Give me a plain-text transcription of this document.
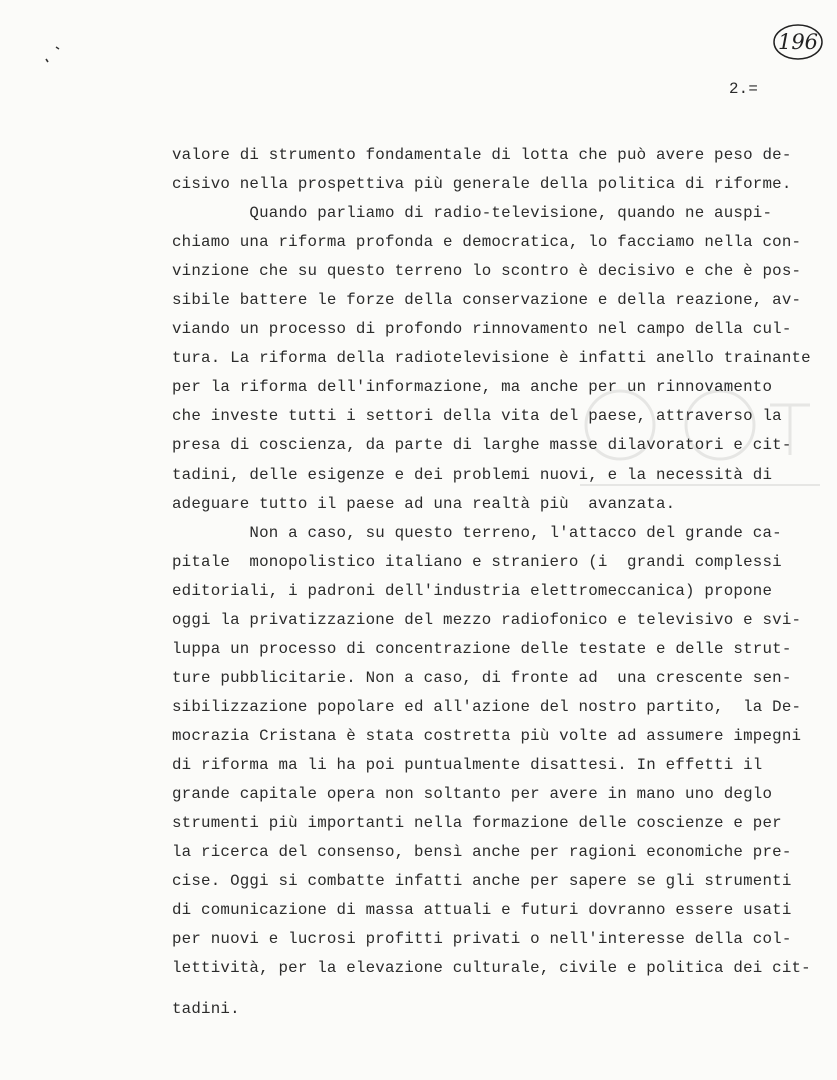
196
2.=
valore di strumento fondamentale di lotta che può avere peso de-
cisivo nella prospettiva più generale della politica di riforme.
Quando parliamo di radio-televisione, quando ne auspi-
chiamo una riforma profonda e democratica, lo facciamo nella con-
vinzione che su questo terreno lo scontro è decisivo e che è pos-
sibile battere le forze della conservazione e della reazione, av-
viando un processo di profondo rinnovamento nel campo della cul-
tura. La riforma della radiotelevisione è infatti anello trainante
per la riforma dell'informazione, ma anche per un rinnovamento
che investe tutti i settori della vita del paese, attraverso la
presa di coscienza, da parte di larghe masse dilavoratori e cit-
tadini, delle esigenze e dei problemi nuovi, e la necessità di
adeguare tutto il paese ad una realtà più  avanzata.
Non a caso, su questo terreno, l'attacco del grande ca-
pitale  monopolistico italiano e straniero (i  grandi complessi
editoriali, i padroni dell'industria elettromeccanica) propone
oggi la privatizzazione del mezzo radiofonico e televisivo e svi-
luppa un processo di concentrazione delle testate e delle strut-
ture pubblicitarie. Non a caso, di fronte ad  una crescente sen-
sibilizzazione popolare ed all'azione del nostro partito,  la De-
mocrazia Cristana è stata costretta più volte ad assumere impegni
di riforma ma li ha poi puntualmente disattesi. In effetti il
grande capitale opera non soltanto per avere in mano uno deglo
strumenti più importanti nella formazione delle coscienze e per
la ricerca del consenso, bensì anche per ragioni economiche pre-
cise. Oggi si combatte infatti anche per sapere se gli strumenti
di comunicazione di massa attuali e futuri dovranno essere usati
per nuovi e lucrosi profitti privati o nell'interesse della col-
lettività, per la elevazione culturale, civile e politica dei cit-
tadini.
